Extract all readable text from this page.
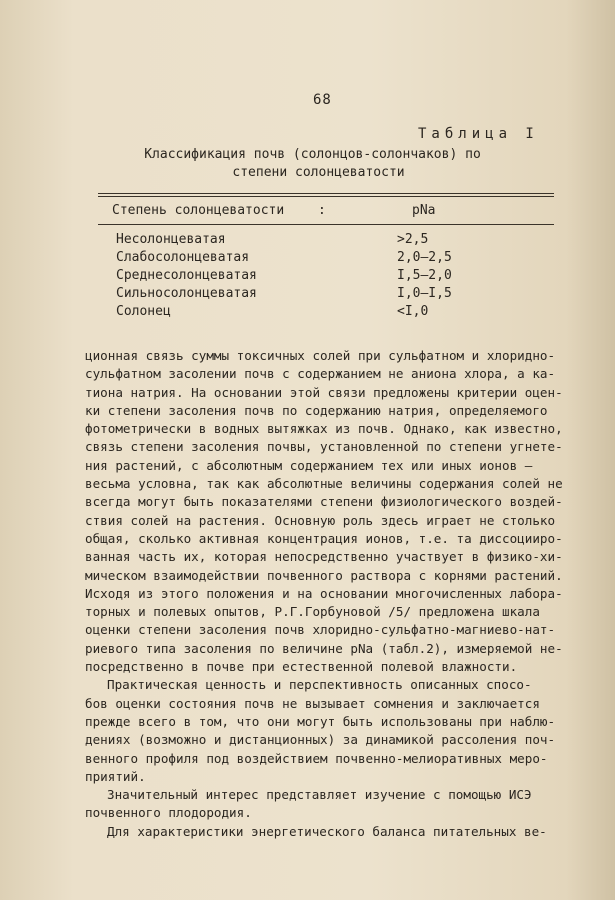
68
Таблица I
Классификация почв (солонцов-солончаков) по
степени солонцеватости
Степень солонцеватости	:	pNa
Несолонцеватая	>2,5
Слабосолонцеватая	2,0–2,5
Среднесолонцеватая	I,5–2,0
Сильносолонцеватая	I,0–I,5
Солонец	<I,0
ционная связь суммы токсичных солей при сульфатном и хлоридно-
сульфатном засолении почв с содержанием не аниона хлора, а ка-
тиона натрия. На основании этой связи предложены критерии оцен-
ки степени засоления почв по содержанию натрия, определяемого
фотометрически в водных вытяжках из почв. Однако, как известно,
связь степени засоления почвы, установленной по степени угнете-
ния растений, с абсолютным содержанием тех или иных ионов –
весьма условна, так как абсолютные величины содержания солей не
всегда могут быть показателями степени физиологического воздей-
ствия солей на растения. Основную роль здесь играет не столько
общая, сколько активная концентрация ионов, т.е. та диссоцииро-
ванная часть их, которая непосредственно участвует в физико-хи-
мическом взаимодействии почвенного раствора с корнями растений.
Исходя из этого положения и на основании многочисленных лабора-
торных и полевых опытов, Р.Г.Горбуновой /5/ предложена шкала
оценки степени засоления почв хлоридно-сульфатно-магниево-нат-
риевого типа засоления по величине pNa (табл.2), измеряемой не-
посредственно в почве при естественной полевой влажности.
Практическая ценность и перспективность описанных спосо-
бов оценки состояния почв не вызывает сомнения и заключается
прежде всего в том, что они могут быть использованы при наблю-
дениях (возможно и дистанционных) за динамикой рассоления поч-
венного профиля под воздействием почвенно-мелиоративных меро-
приятий.
Значительный интерес представляет изучение с помощью ИСЭ
почвенного плодородия.
Для характеристики энергетического баланса питательных ве-
